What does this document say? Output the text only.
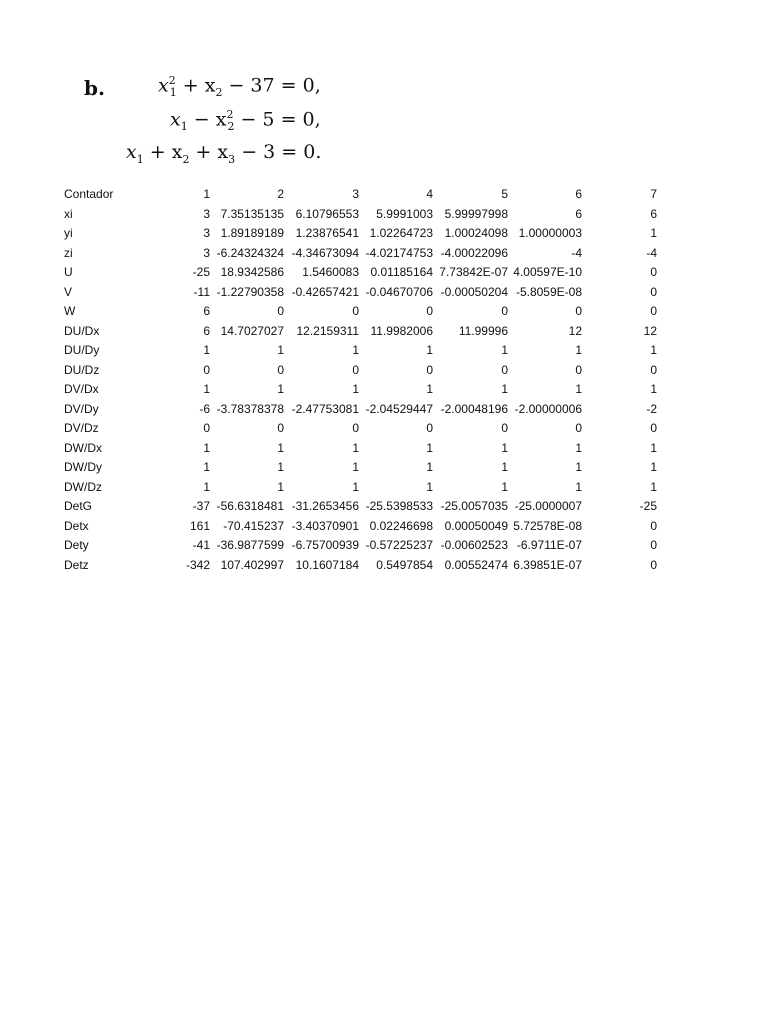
b.	$x^2_1 + x_2 - 37 = 0$,
$x_1 - x^2_2 - 5 = 0$,
$x_1 + x_2 + x_3 - 3 = 0$.
Contador	1	2	3	4	5	6	7
xi	3 7.35135135 6.10796553 5.9991003 5.99997998	6	6
yi	3 1.89189189 1.23876541 1.02264723 1.00024098 1.00000003	1
zi	3 -6.24324324 -4.34673094 -4.02174753 -4.00022096	-4	-4
U	-25 18.9342586 1.5460083 0.01185164 7.73842E-07 4.00597E-10	0
V	-11 -1.22790358 -0.42657421 -0.04670706 -0.00050204 -5.8059E-08	0
W	6	0	0	0	0	0	0
DU/Dx	6 14.7027027 12.2159311 11.9982006 11.99996	12	12
DU/Dy	1	1	1	1	1	1	1
DU/Dz	0	0	0	0	0	0	0
DV/Dx	1	1	1	1	1	1	1
DV/Dy	-6 -3.78378378 -2.47753081 -2.04529447 -2.00048196 -2.00000006	-2
DV/Dz	0	0	0	0	0	0	0
DW/Dx	1	1	1	1	1	1	1
DW/Dy	1	1	1	1	1	1	1
DW/Dz	1	1	1	1	1	1	1
DetG	-37 -56.6318481 -31.2653456 -25.5398533 -25.0057035 -25.0000007	-25
Detx	161 -70.415237 -3.40370901 0.02246698 0.00050049 5.72578E-08	0
Dety	-41 -36.9877599 -6.75700939 -0.57225237 -0.00602523 -6.9711E-07	0
Detz	-342 107.402997 10.1607184 0.5497854 0.00552474 6.39851E-07	0
